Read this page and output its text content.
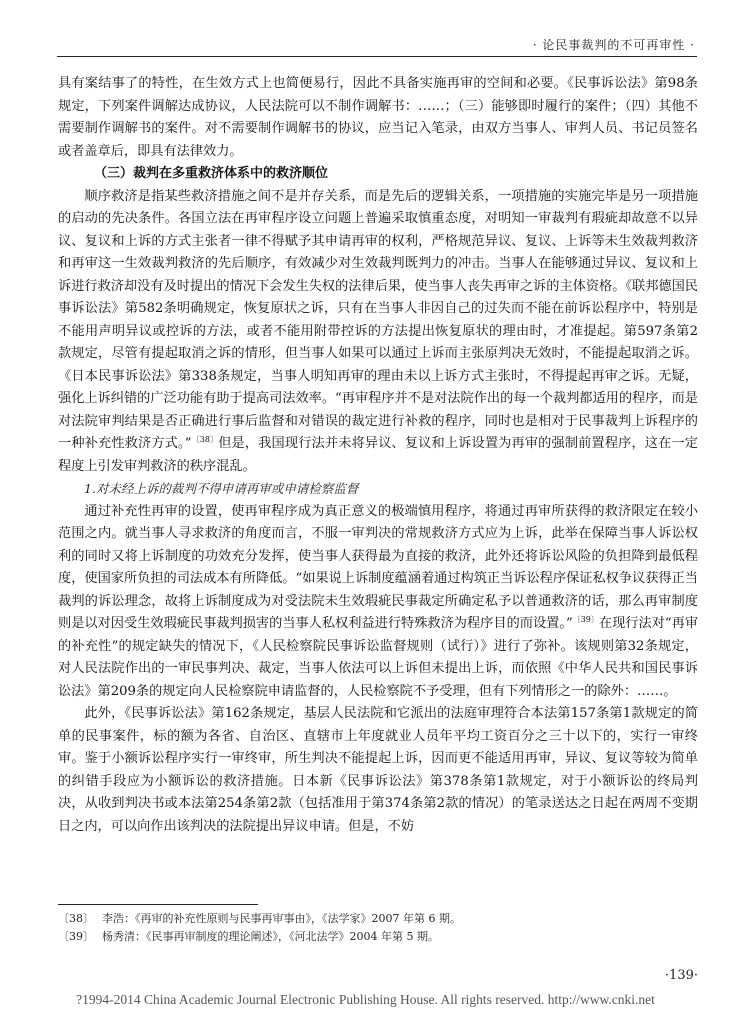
· 论民事裁判的不可再审性 ·

具有案结事了的特性，在生效方式上也简便易行，因此不具备实施再审的空间和必要。《民事诉讼法》第98条规定，下列案件调解达成协议，人民法院可以不制作调解书：……；（三）能够即时履行的案件；（四）其他不需要制作调解书的案件。对不需要制作调解书的协议，应当记入笔录，由双方当事人、审判人员、书记员签名或者盖章后，即具有法律效力。

（三）裁判在多重救济体系中的救济顺位

顺序救济是指某些救济措施之间不是并存关系，而是先后的逻辑关系，一项措施的实施完毕是另一项措施的启动的先决条件。各国立法在再审程序设立问题上普遍采取慎重态度，对明知一审裁判有瑕疵却故意不以异议、复议和上诉的方式主张者一律不得赋予其申请再审的权利，严格规范异议、复议、上诉等未生效裁判救济和再审这一生效裁判救济的先后顺序，有效减少对生效裁判既判力的冲击。当事人在能够通过异议、复议和上诉进行救济却没有及时提出的情况下会发生失权的法律后果，使当事人丧失再审之诉的主体资格。《联邦德国民事诉讼法》第582条明确规定，恢复原状之诉，只有在当事人非因自己的过失而不能在前诉讼程序中，特别是不能用声明异议或控诉的方法，或者不能用附带控诉的方法提出恢复原状的理由时，才准提起。第597条第2款规定，尽管有提起取消之诉的情形，但当事人如果可以通过上诉而主张原判决无效时，不能提起取消之诉。《日本民事诉讼法》第338条规定，当事人明知再审的理由未以上诉方式主张时，不得提起再审之诉。无疑，强化上诉纠错的广泛功能有助于提高司法效率。“再审程序并不是对法院作出的每一个裁判都适用的程序，而是对法院审判结果是否正确进行事后监督和对错误的裁定进行补救的程序，同时也是相对于民事裁判上诉程序的一种补充性救济方式。”$^{〔38〕}$但是，我国现行法并未将异议、复议和上诉设置为再审的强制前置程序，这在一定程度上引发审判救济的秩序混乱。

1.对未经上诉的裁判不得申请再审或申请检察监督

通过补充性再审的设置，使再审程序成为真正意义的极端慎用程序，将通过再审所获得的救济限定在较小范围之内。就当事人寻求救济的角度而言，不服一审判决的常规救济方式应为上诉，此举在保障当事人诉讼权利的同时又将上诉制度的功效充分发挥，使当事人获得最为直接的救济，此外还将诉讼风险的负担降到最低程度，使国家所负担的司法成本有所降低。“如果说上诉制度蕴涵着通过构筑正当诉讼程序保证私权争议获得正当裁判的诉讼理念，故将上诉制度成为对受法院未生效瑕疵民事裁定所确定私予以普通救济的话，那么再审制度则是以对因受生效瑕疵民事裁判损害的当事人私权利益进行特殊救济为程序目的而设置。”$^{〔39〕}$在现行法对“再审的补充性”的规定缺失的情况下，《人民检察院民事诉讼监督规则（试行）》进行了弥补。该规则第32条规定，对人民法院作出的一审民事判决、裁定，当事人依法可以上诉但未提出上诉，而依照《中华人民共和国民事诉讼法》第209条的规定向人民检察院申请监督的，人民检察院不予受理，但有下列情形之一的除外：……。

此外，《民事诉讼法》第162条规定，基层人民法院和它派出的法庭审理符合本法第157条第1款规定的简单的民事案件，标的额为各省、自治区、直辖市上年度就业人员年平均工资百分之三十以下的，实行一审终审。鉴于小额诉讼程序实行一审终审，所生判决不能提起上诉，因而更不能适用再审，异议、复议等较为简单的纠错手段应为小额诉讼的救济措施。日本新《民事诉讼法》第378条第1款规定，对于小额诉讼的终局判决，从收到判决书或本法第254条第2款（包括准用于第374条第2款的情况）的笔录送达之日起在两周不变期日之内，可以向作出该判决的法院提出异议申请。但是，不妨

〔38〕 李浩：《再审的补充性原则与民事再审事由》，《法学家》2007 年第 6 期。
〔39〕 杨秀清：《民事再审制度的理论阐述》，《河北法学》2004 年第 5 期。
·139·
?1994-2014 China Academic Journal Electronic Publishing House. All rights reserved. http://www.cnki.net
